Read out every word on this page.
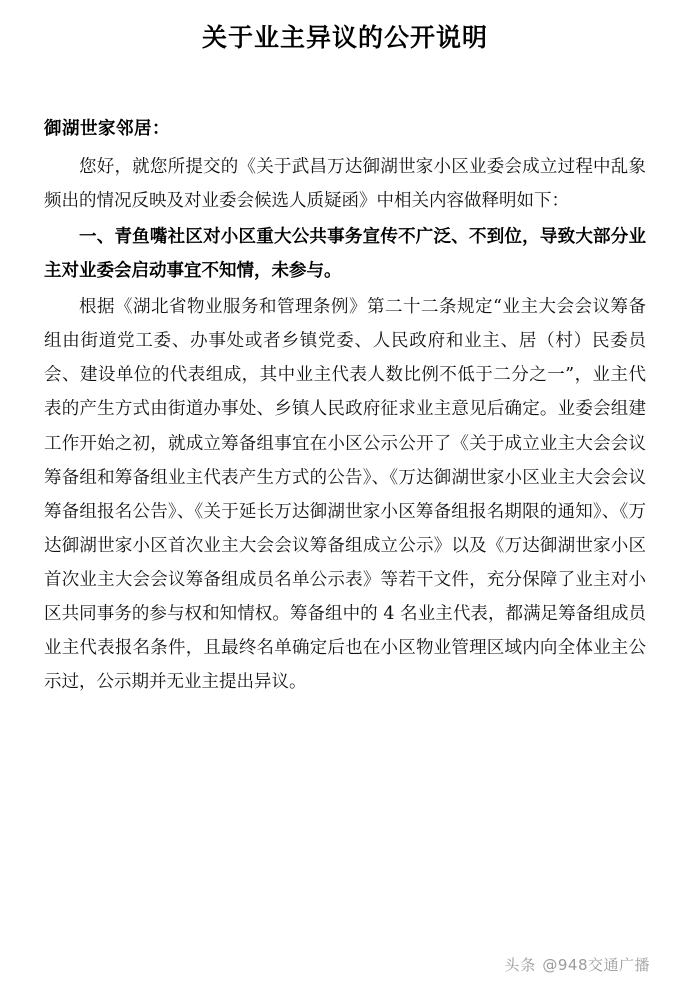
关于业主异议的公开说明
御湖世家邻居：

您好，就您所提交的《关于武昌万达御湖世家小区业委会成立过程中乱象频出的情况反映及对业委会候选人质疑函》中相关内容做释明如下：

一、青鱼嘴社区对小区重大公共事务宣传不广泛、不到位，导致大部分业主对业委会启动事宜不知情，未参与。

根据《湖北省物业服务和管理条例》第二十二条规定“业主大会会议筹备组由街道党工委、办事处或者乡镇党委、人民政府和业主、居（村）民委员会、建设单位的代表组成，其中业主代表人数比例不低于二分之一”，业主代表的产生方式由街道办事处、乡镇人民政府征求业主意见后确定。业委会组建工作开始之初，就成立筹备组事宜在小区公示公开了《关于成立业主大会会议筹备组和筹备组业主代表产生方式的公告》、《万达御湖世家小区业主大会会议筹备组报名公告》、《关于延长万达御湖世家小区筹备组报名期限的通知》、《万达御湖世家小区首次业主大会会议筹备组成立公示》以及《万达御湖世家小区首次业主大会会议筹备组成员名单公示表》等若干文件，充分保障了业主对小区共同事务的参与权和知情权。筹备组中的 4 名业主代表，都满足筹备组成员业主代表报名条件，且最终名单确定后也在小区物业管理区域内向全体业主公示过，公示期并无业主提出异议。

头条 @948交通广播
